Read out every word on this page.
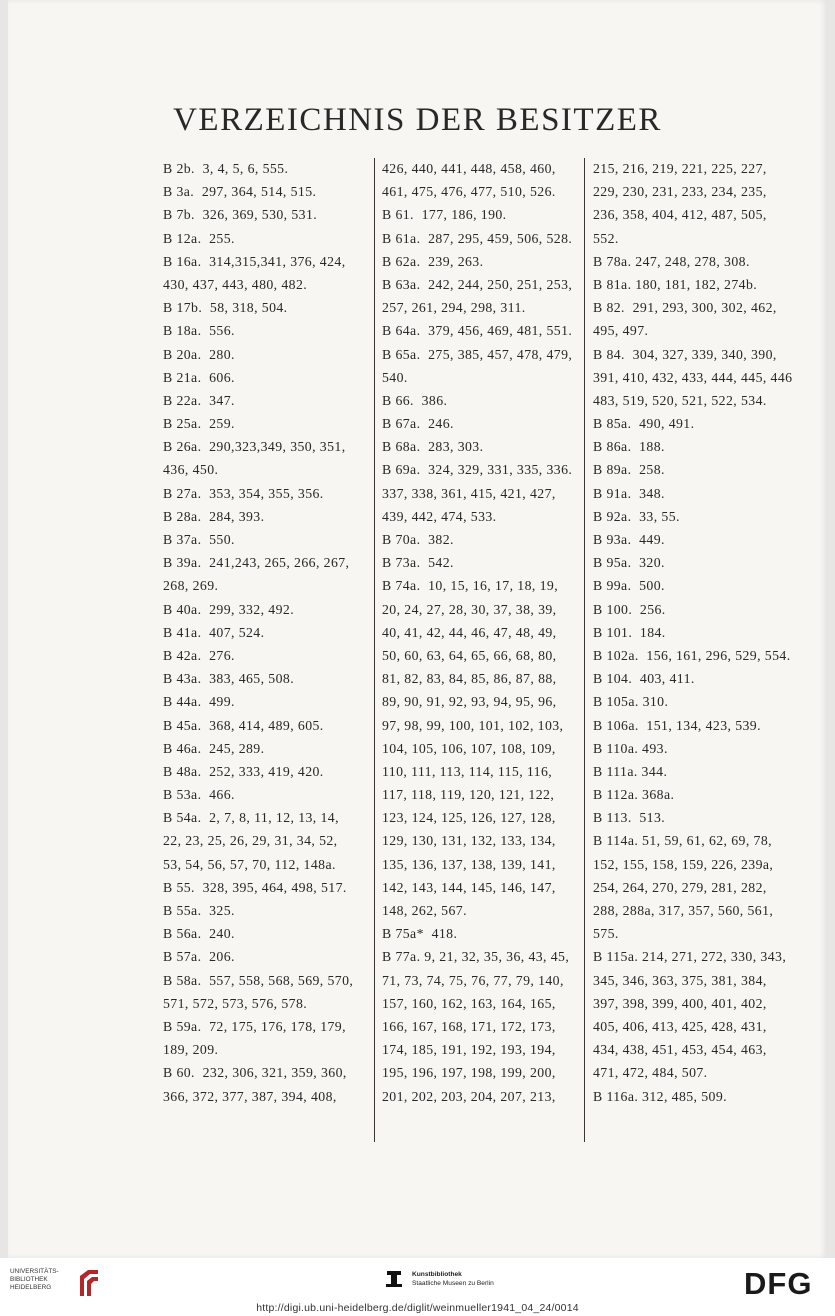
VERZEICHNIS DER BESITZER
B 2b.  3, 4, 5, 6, 555.
B 3a.  297, 364, 514, 515.
B 7b.  326, 369, 530, 531.
B 12a.  255.
B 16a.  314,315,341, 376, 424,
430, 437, 443, 480, 482.
B 17b.  58, 318, 504.
B 18a.  556.
B 20a.  280.
B 21a.  606.
B 22a.  347.
B 25a.  259.
B 26a.  290,323,349, 350, 351,
436, 450.
B 27a.  353, 354, 355, 356.
B 28a.  284, 393.
B 37a.  550.
B 39a.  241,243, 265, 266, 267,
268, 269.
B 40a.  299, 332, 492.
B 41a.  407, 524.
B 42a.  276.
B 43a.  383, 465, 508.
B 44a.  499.
B 45a.  368, 414, 489, 605.
B 46a.  245, 289.
B 48a.  252, 333, 419, 420.
B 53a.  466.
B 54a.  2, 7, 8, 11, 12, 13, 14,
22, 23, 25, 26, 29, 31, 34, 52,
53, 54, 56, 57, 70, 112, 148a.
B 55.  328, 395, 464, 498, 517.
B 55a.  325.
B 56a.  240.
B 57a.  206.
B 58a.  557, 558, 568, 569, 570,
571, 572, 573, 576, 578.
B 59a.  72, 175, 176, 178, 179,
189, 209.
B 60.  232, 306, 321, 359, 360,
366, 372, 377, 387, 394, 408,
426, 440, 441, 448, 458, 460,
461, 475, 476, 477, 510, 526.
B 61.  177, 186, 190.
B 61a.  287, 295, 459, 506, 528.
B 62a.  239, 263.
B 63a.  242, 244, 250, 251, 253,
257, 261, 294, 298, 311.
B 64a.  379, 456, 469, 481, 551.
B 65a.  275, 385, 457, 478, 479,
540.
B 66.  386.
B 67a.  246.
B 68a.  283, 303.
B 69a.  324, 329, 331, 335, 336.
337, 338, 361, 415, 421, 427,
439, 442, 474, 533.
B 70a.  382.
B 73a.  542.
B 74a.  10, 15, 16, 17, 18, 19,
20, 24, 27, 28, 30, 37, 38, 39,
40, 41, 42, 44, 46, 47, 48, 49,
50, 60, 63, 64, 65, 66, 68, 80,
81, 82, 83, 84, 85, 86, 87, 88,
89, 90, 91, 92, 93, 94, 95, 96,
97, 98, 99, 100, 101, 102, 103,
104, 105, 106, 107, 108, 109,
110, 111, 113, 114, 115, 116,
117, 118, 119, 120, 121, 122,
123, 124, 125, 126, 127, 128,
129, 130, 131, 132, 133, 134,
135, 136, 137, 138, 139, 141,
142, 143, 144, 145, 146, 147,
148, 262, 567.
B 75a*  418.
B 77a. 9, 21, 32, 35, 36, 43, 45,
71, 73, 74, 75, 76, 77, 79, 140,
157, 160, 162, 163, 164, 165,
166, 167, 168, 171, 172, 173,
174, 185, 191, 192, 193, 194,
195, 196, 197, 198, 199, 200,
201, 202, 203, 204, 207, 213,
215, 216, 219, 221, 225, 227,
229, 230, 231, 233, 234, 235,
236, 358, 404, 412, 487, 505,
552.
B 78a. 247, 248, 278, 308.
B 81a. 180, 181, 182, 274b.
B 82.  291, 293, 300, 302, 462,
495, 497.
B 84.  304, 327, 339, 340, 390,
391, 410, 432, 433, 444, 445, 446
483, 519, 520, 521, 522, 534.
B 85a.  490, 491.
B 86a.  188.
B 89a.  258.
B 91a.  348.
B 92a.  33, 55.
B 93a.  449.
B 95a.  320.
B 99a.  500.
B 100.  256.
B 101.  184.
B 102a.  156, 161, 296, 529, 554.
B 104.  403, 411.
B 105a. 310.
B 106a.  151, 134, 423, 539.
B 110a. 493.
B 111a. 344.
B 112a. 368a.
B 113.  513.
B 114a. 51, 59, 61, 62, 69, 78,
152, 155, 158, 159, 226, 239a,
254, 264, 270, 279, 281, 282,
288, 288a, 317, 357, 560, 561,
575.
B 115a. 214, 271, 272, 330, 343,
345, 346, 363, 375, 381, 384,
397, 398, 399, 400, 401, 402,
405, 406, 413, 425, 428, 431,
434, 438, 451, 453, 454, 463,
471, 472, 484, 507.
B 116a. 312, 485, 509.
UNIVERSITÄTS-
BIBLIOTHEK
HEIDELBERG
Kunstbibliothek
Staatliche Museen zu Berlin	DFG
http://digi.ub.uni-heidelberg.de/diglit/weinmueller1941_04_24/0014
